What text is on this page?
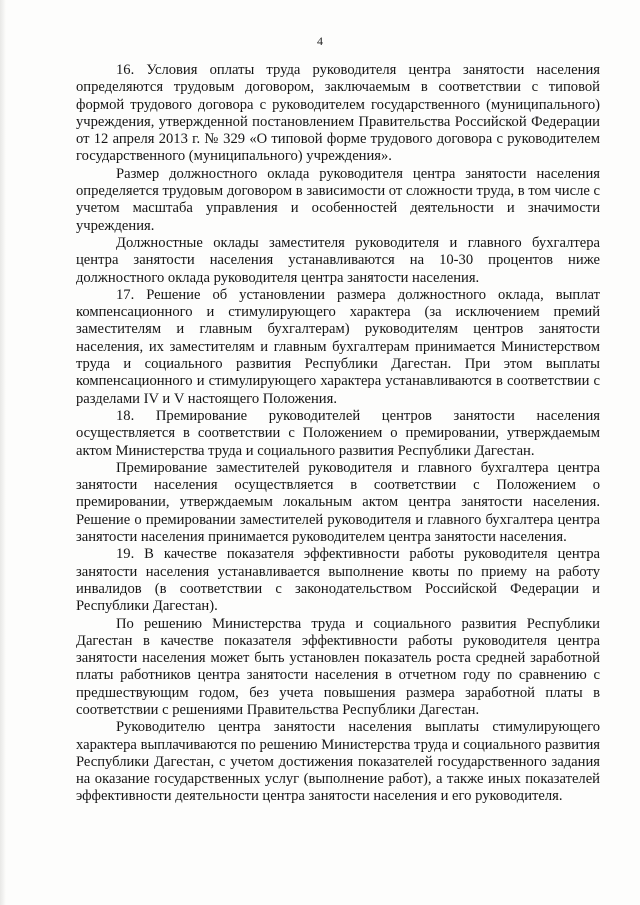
4

16. Условия оплаты труда руководителя центра занятости населения определяются трудовым договором, заключаемым в соответствии с типовой формой трудового договора с руководителем государственного (муниципального) учреждения, утвержденной постановлением Правительства Российской Федерации от 12 апреля 2013 г. № 329 «О типовой форме трудового договора с руководителем государственного (муниципального) учреждения».

Размер должностного оклада руководителя центра занятости населения определяется трудовым договором в зависимости от сложности труда, в том числе с учетом масштаба управления и особенностей деятельности и значимости учреждения.

Должностные оклады заместителя руководителя и главного бухгалтера центра занятости населения устанавливаются на 10-30 процентов ниже должностного оклада руководителя центра занятости населения.

17. Решение об установлении размера должностного оклада, выплат компенсационного и стимулирующего характера (за исключением премий заместителям и главным бухгалтерам) руководителям центров занятости населения, их заместителям и главным бухгалтерам принимается Министерством труда и социального развития Республики Дагестан. При этом выплаты компенсационного и стимулирующего характера устанавливаются в соответствии с разделами IV и V настоящего Положения.

18. Премирование руководителей центров занятости населения осуществляется в соответствии с Положением о премировании, утверждаемым актом Министерства труда и социального развития Республики Дагестан.

Премирование заместителей руководителя и главного бухгалтера центра занятости населения осуществляется в соответствии с Положением о премировании, утверждаемым локальным актом центра занятости населения. Решение о премировании заместителей руководителя и главного бухгалтера центра занятости населения принимается руководителем центра занятости населения.

19. В качестве показателя эффективности работы руководителя центра занятости населения устанавливается выполнение квоты по приему на работу инвалидов (в соответствии с законодательством Российской Федерации и Республики Дагестан).

По решению Министерства труда и социального развития Республики Дагестан в качестве показателя эффективности работы руководителя центра занятости населения может быть установлен показатель роста средней заработной платы работников центра занятости населения в отчетном году по сравнению с предшествующим годом, без учета повышения размера заработной платы в соответствии с решениями Правительства Республики Дагестан.

Руководителю центра занятости населения выплаты стимулирующего характера выплачиваются по решению Министерства труда и социального развития Республики Дагестан, с учетом достижения показателей государственного задания на оказание государственных услуг (выполнение работ), а также иных показателей эффективности деятельности центра занятости населения и его руководителя.
